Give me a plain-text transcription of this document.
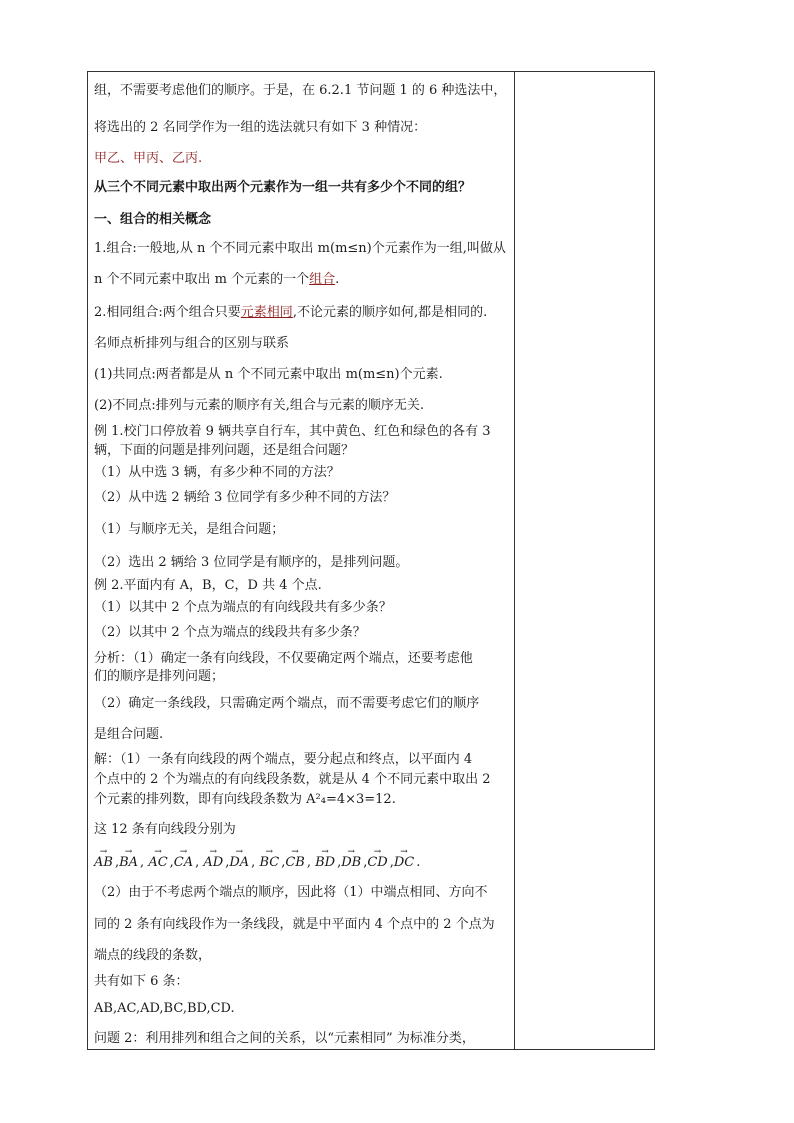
组，不需要考虑他们的顺序。于是，在 6.2.1 节问题 1 的 6 种选法中，
将选出的 2 名同学作为一组的选法就只有如下 3 种情况：
甲乙、甲丙、乙丙.
从三个不同元素中取出两个元素作为一组一共有多少个不同的组？
一、组合的相关概念
1.组合:一般地,从 n 个不同元素中取出 m(m≤n)个元素作为一组,叫做从
n 个不同元素中取出 m 个元素的一个组合.
2.相同组合:两个组合只要元素相同,不论元素的顺序如何,都是相同的.
名师点析排列与组合的区别与联系
(1)共同点:两者都是从 n 个不同元素中取出 m(m≤n)个元素.
(2)不同点:排列与元素的顺序有关,组合与元素的顺序无关.
例 1.校门口停放着 9 辆共享自行车，其中黄色、红色和绿色的各有 3
辆，下面的问题是排列问题，还是组合问题？
（1）从中选 3 辆，有多少种不同的方法？
（2）从中选 2 辆给 3 位同学有多少种不同的方法？
（1）与顺序无关，是组合问题；
（2）选出 2 辆给 3 位同学是有顺序的，是排列问题。
例 2.平面内有 A，B，C，D 共 4 个点.
（1）以其中 2 个点为端点的有向线段共有多少条？
（2）以其中 2 个点为端点的线段共有多少条？
分析：（1）确定一条有向线段，不仅要确定两个端点，还要考虑他
们的顺序是排列问题；
（2）确定一条线段，只需确定两个端点，而不需要考虑它们的顺序
是组合问题.
解：（1）一条有向线段的两个端点，要分起点和终点，以平面内 4
个点中的 2 个为端点的有向线段条数，就是从 4 个不同元素中取出 2
个元素的排列数，即有向线段条数为 A²₄=4×3=12.
这 12 条有向线段分别为
→ AB ,→ BA , → AC ,→ CA , → AD ,→ DA , → BC ,→ CB , → BD ,→ DB ,→ CD ,→ DC .
（2）由于不考虑两个端点的顺序，因此将（1）中端点相同、方向不
同的 2 条有向线段作为一条线段，就是中平面内 4 个点中的 2 个点为
端点的线段的条数，
共有如下 6 条：
AB,AC,AD,BC,BD,CD.
问题 2：利用排列和组合之间的关系，以“元素相同” 为标准分类，
